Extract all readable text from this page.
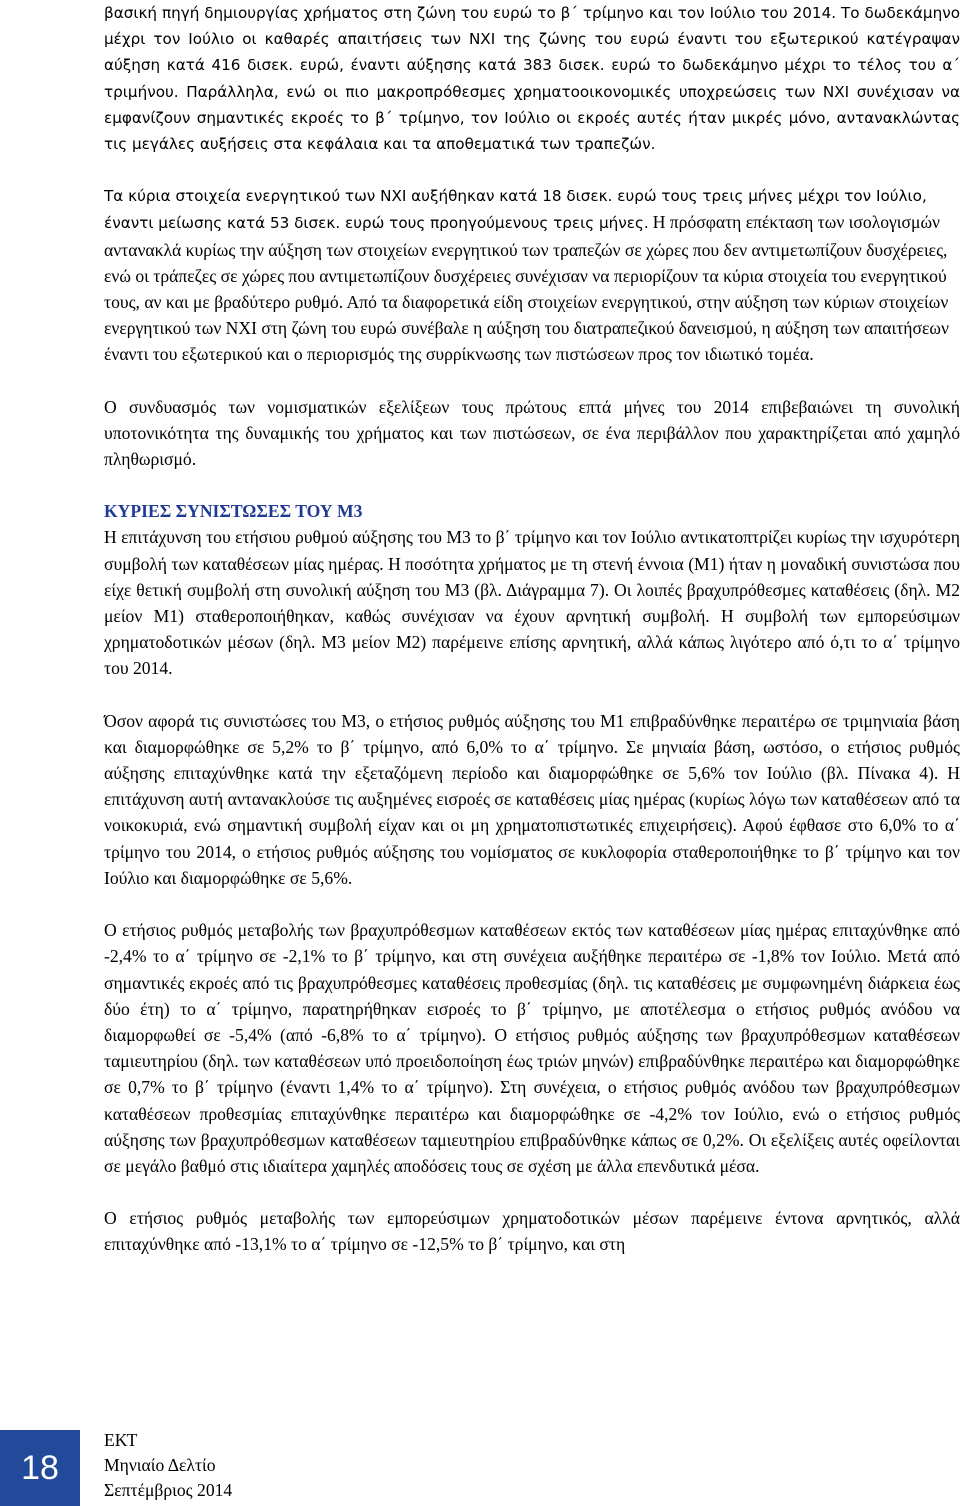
βασική πηγή δημιουργίας χρήματος στη ζώνη του ευρώ το β΄ τρίμηνο και τον Ιούλιο του 2014. Το δωδεκάμηνο μέχρι τον Ιούλιο οι καθαρές απαιτήσεις των ΝΧΙ της ζώνης του ευρώ έναντι του εξωτερικού κατέγραψαν αύξηση κατά 416 δισεκ. ευρώ, έναντι αύξησης κατά 383 δισεκ. ευρώ το δωδεκάμηνο μέχρι το τέλος του α΄ τριμήνου. Παράλληλα, ενώ οι πιο μακροπρόθεσμες χρηματοοικονομικές υποχρεώσεις των ΝΧΙ συνέχισαν να εμφανίζουν σημαντικές εκροές το β΄ τρίμηνο, τον Ιούλιο οι εκροές αυτές ήταν μικρές μόνο, αντανακλώντας τις μεγάλες αυξήσεις στα κεφάλαια και τα αποθεματικά των τραπεζών.

Τα κύρια στοιχεία ενεργητικού των ΝΧΙ αυξήθηκαν κατά 18 δισεκ. ευρώ τους τρεις μήνες μέχρι τον Ιούλιο, έναντι μείωσης κατά 53 δισεκ. ευρώ τους προηγούμενους τρεις μήνες.

Η πρόσφατη επέκταση των ισολογισμών αντανακλά κυρίως την αύξηση των στοιχείων ενεργητικού των τραπεζών σε χώρες που δεν αντιμετωπίζουν δυσχέρειες, ενώ οι τράπεζες σε χώρες που αντιμετωπίζουν δυσχέρειες συνέχισαν να περιορίζουν τα κύρια στοιχεία του ενεργητικού τους, αν και με βραδύτερο ρυθμό. Από τα διαφορετικά είδη στοιχείων ενεργητικού, στην αύξηση των κύριων στοιχείων ενεργητικού των ΝΧΙ στη ζώνη του ευρώ συνέβαλε η αύξηση του διατραπεζικού δανεισμού, η αύξηση των απαιτήσεων έναντι του εξωτερικού και ο περιορισμός της συρρίκνωσης των πιστώσεων προς τον ιδιωτικό τομέα.

Ο συνδυασμός των νομισματικών εξελίξεων τους πρώτους επτά μήνες του 2014 επιβεβαιώνει τη συνολική υποτονικότητα της δυναμικής του χρήματος και των πιστώσεων, σε ένα περιβάλλον που χαρακτηρίζεται από χαμηλό πληθωρισμό.

ΚΥΡΙΕΣ ΣΥΝΙΣΤΩΣΕΣ ΤΟΥ Μ3

Η επιτάχυνση του ετήσιου ρυθμού αύξησης του Μ3 το β΄ τρίμηνο και τον Ιούλιο αντικατοπτρίζει κυρίως την ισχυρότερη συμβολή των καταθέσεων μίας ημέρας. Η ποσότητα χρήματος με τη στενή έννοια (Μ1) ήταν η μοναδική συνιστώσα που είχε θετική συμβολή στη συνολική αύξηση του Μ3 (βλ. Διάγραμμα 7). Οι λοιπές βραχυπρόθεσμες καταθέσεις (δηλ. Μ2 μείον Μ1) σταθεροποιήθηκαν, καθώς συνέχισαν να έχουν αρνητική συμβολή. Η συμβολή των εμπορεύσιμων χρηματοδοτικών μέσων (δηλ. Μ3 μείον Μ2) παρέμεινε επίσης αρνητική, αλλά κάπως λιγότερο από ό,τι το α΄ τρίμηνο του 2014.

Όσον αφορά τις συνιστώσες του Μ3, ο ετήσιος ρυθμός αύξησης του Μ1 επιβραδύνθηκε περαιτέρω σε τριμηνιαία βάση και διαμορφώθηκε σε 5,2% το β΄ τρίμηνο, από 6,0% το α΄ τρίμηνο. Σε μηνιαία βάση, ωστόσο, ο ετήσιος ρυθμός αύξησης επιταχύνθηκε κατά την εξεταζόμενη περίοδο και διαμορφώθηκε σε 5,6% τον Ιούλιο (βλ. Πίνακα 4). Η επιτάχυνση αυτή αντανακλούσε τις αυξημένες εισροές σε καταθέσεις μίας ημέρας (κυρίως λόγω των καταθέσεων από τα νοικοκυριά, ενώ σημαντική συμβολή είχαν και οι μη χρηματοπιστωτικές επιχειρήσεις). Αφού έφθασε στο 6,0% το α΄ τρίμηνο του 2014, ο ετήσιος ρυθμός αύξησης του νομίσματος σε κυκλοφορία σταθεροποιήθηκε το β΄ τρίμηνο και τον Ιούλιο και διαμορφώθηκε σε 5,6%.

Ο ετήσιος ρυθμός μεταβολής των βραχυπρόθεσμων καταθέσεων εκτός των καταθέσεων μίας ημέρας επιταχύνθηκε από -2,4% το α΄ τρίμηνο σε -2,1% το β΄ τρίμηνο, και στη συνέχεια αυξήθηκε περαιτέρω σε -1,8% τον Ιούλιο. Μετά από σημαντικές εκροές από τις βραχυπρόθεσμες καταθέσεις προθεσμίας (δηλ. τις καταθέσεις με συμφωνημένη διάρκεια έως δύο έτη) το α΄ τρίμηνο, παρατηρήθηκαν εισροές το β΄ τρίμηνο, με αποτέλεσμα ο ετήσιος ρυθμός ανόδου να διαμορφωθεί σε -5,4% (από -6,8% το α΄ τρίμηνο). Ο ετήσιος ρυθμός αύξησης των βραχυπρόθεσμων καταθέσεων ταμιευτηρίου (δηλ. των καταθέσεων υπό προειδοποίηση έως τριών μηνών) επιβραδύνθηκε περαιτέρω και διαμορφώθηκε σε 0,7% το β΄ τρίμηνο (έναντι 1,4% το α΄ τρίμηνο). Στη συνέχεια, ο ετήσιος ρυθμός ανόδου των βραχυπρόθεσμων καταθέσεων προθεσμίας επιταχύνθηκε περαιτέρω και διαμορφώθηκε σε -4,2% τον Ιούλιο, ενώ ο ετήσιος ρυθμός αύξησης των βραχυπρόθεσμων καταθέσεων ταμιευτηρίου επιβραδύνθηκε κάπως σε 0,2%. Οι εξελίξεις αυτές οφείλονται σε μεγάλο βαθμό στις ιδιαίτερα χαμηλές αποδόσεις τους σε σχέση με άλλα επενδυτικά μέσα.

Ο ετήσιος ρυθμός μεταβολής των εμπορεύσιμων χρηματοδοτικών μέσων παρέμεινε έντονα αρνητικός, αλλά επιταχύνθηκε από -13,1% το α΄ τρίμηνο σε -12,5% το β΄ τρίμηνο, και στη

18
ΕΚΤ
Μηνιαίο Δελτίο
Σεπτέμβριος 2014
